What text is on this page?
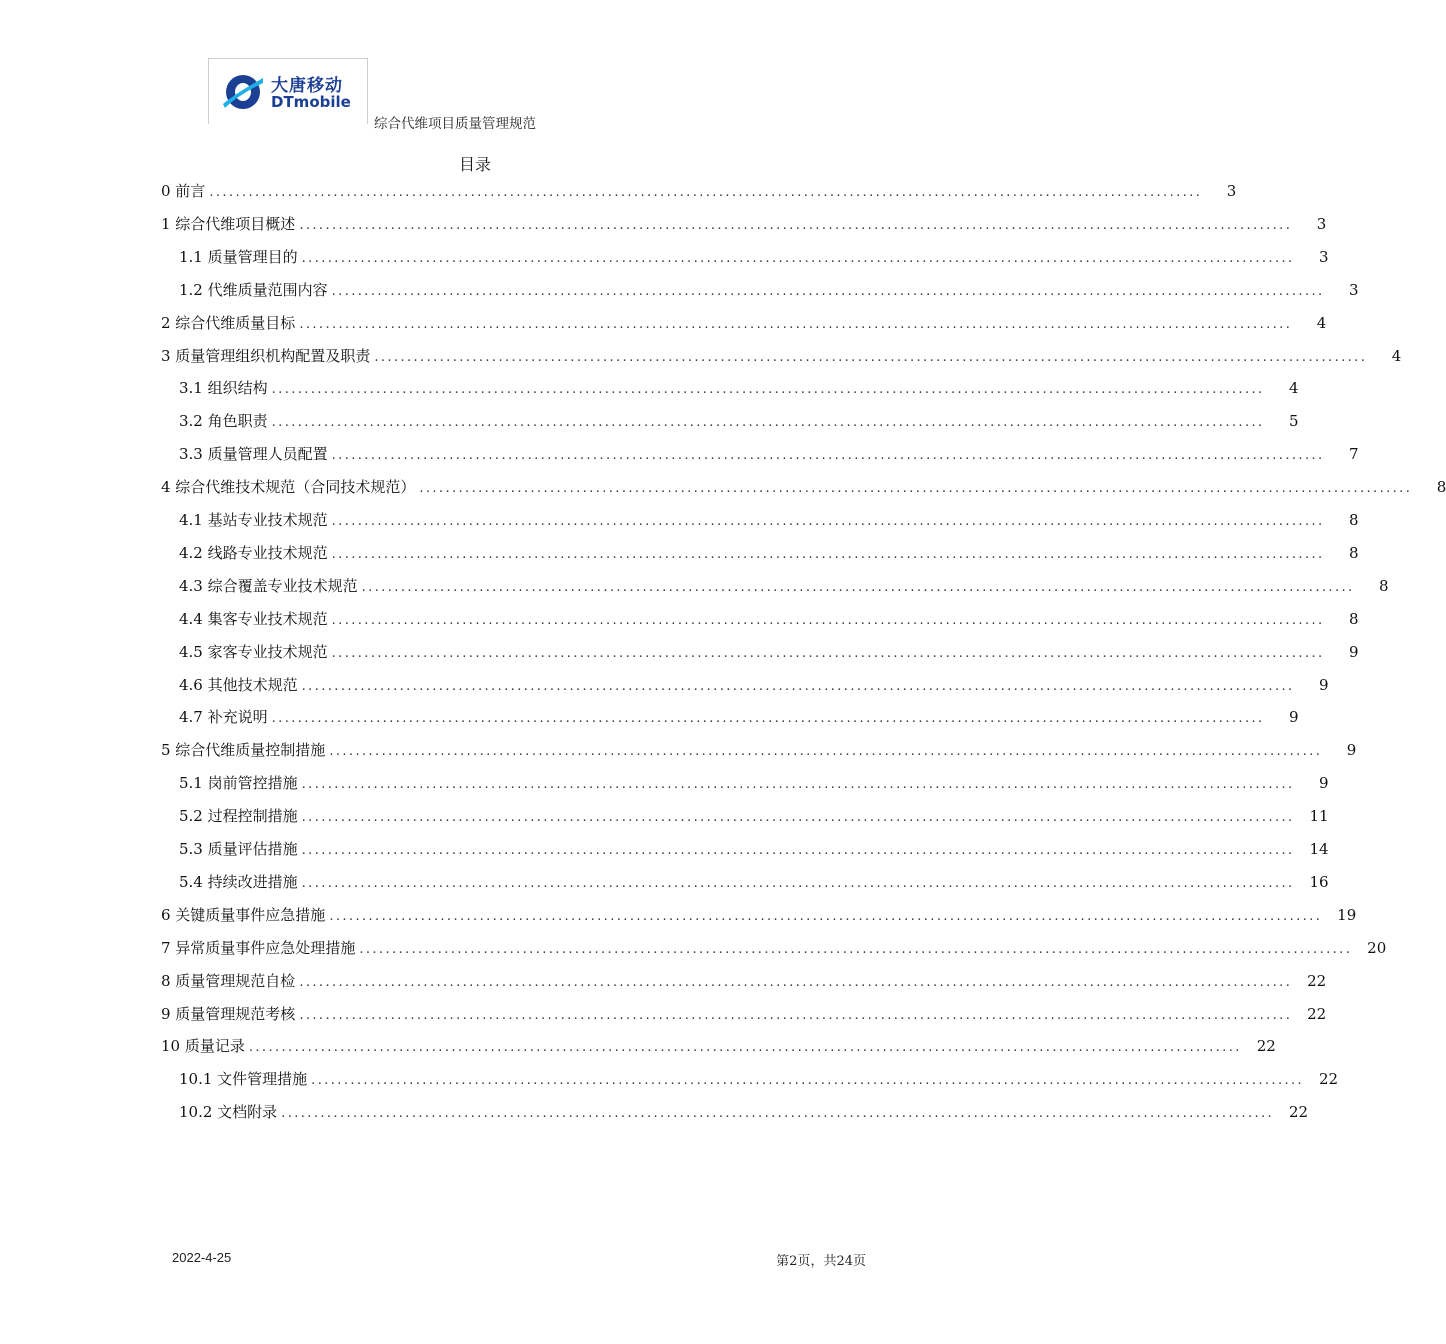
大唐移动
DTmobile
综合代维项目质量管理规范
目录
0 前言 ........................................................................................................................................................	3
1 综合代维项目概述 ........................................................................................................................................................	3
1.1 质量管理目的 ........................................................................................................................................................	3
1.2 代维质量范围内容 ........................................................................................................................................................	3
2 综合代维质量目标 ........................................................................................................................................................	4
3 质量管理组织机构配置及职责 ........................................................................................................................................................	4
3.1 组织结构 ........................................................................................................................................................	4
3.2 角色职责 ........................................................................................................................................................	5
3.3 质量管理人员配置 ........................................................................................................................................................	7
4 综合代维技术规范（合同技术规范） ........................................................................................................................................................	8
4.1 基站专业技术规范 ........................................................................................................................................................	8
4.2 线路专业技术规范 ........................................................................................................................................................	8
4.3 综合覆盖专业技术规范 ........................................................................................................................................................	8
4.4 集客专业技术规范 ........................................................................................................................................................	8
4.5 家客专业技术规范 ........................................................................................................................................................	9
4.6 其他技术规范 ........................................................................................................................................................	9
4.7 补充说明 ........................................................................................................................................................	9
5 综合代维质量控制措施 ........................................................................................................................................................	9
5.1 岗前管控措施 ........................................................................................................................................................	9
5.2 过程控制措施 ........................................................................................................................................................ 11
5.3 质量评估措施 ........................................................................................................................................................ 14
5.4 持续改进措施 ........................................................................................................................................................ 16
6 关键质量事件应急措施 ........................................................................................................................................................ 19
7 异常质量事件应急处理措施 ........................................................................................................................................................ 20
8 质量管理规范自检 ........................................................................................................................................................ 22
9 质量管理规范考核 ........................................................................................................................................................ 22
10 质量记录 ........................................................................................................................................................ 22
10.1 文件管理措施 ........................................................................................................................................................ 22
10.2 文档附录 ........................................................................................................................................................ 22
2022-4-25	第2页，共24页
